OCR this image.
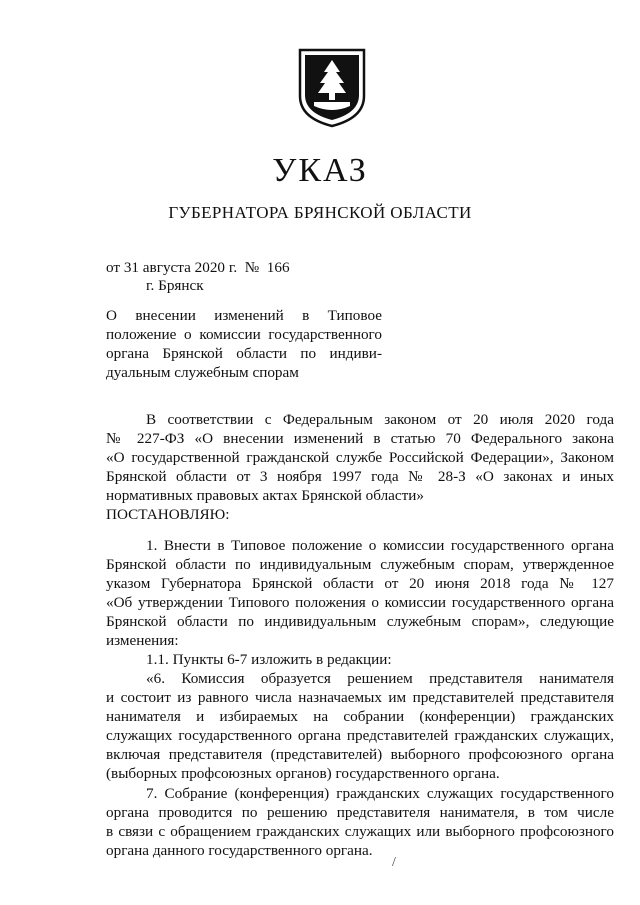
УКАЗ
ГУБЕРНАТОРА БРЯНСКОЙ ОБЛАСТИ
от 31 августа 2020 г.  №  166
г. Брянск
О внесении изменений в Типовое
положение о комиссии государственного
органа Брянской области по индиви-
дуальным служебным спорам
В соответствии с Федеральным законом от 20 июля 2020 года
№ 227-ФЗ «О внесении изменений в статью 70 Федерального закона
«О государственной гражданской службе Российской Федерации», Законом
Брянской области от 3 ноября 1997 года № 28-З «О законах и иных
нормативных правовых актах Брянской области»
ПОСТАНОВЛЯЮ:
1. Внести в Типовое положение о комиссии государственного органа
Брянской области по индивидуальным служебным спорам, утвержденное
указом Губернатора Брянской области от 20 июня 2018 года № 127
«Об утверждении Типового положения о комиссии государственного органа
Брянской области по индивидуальным служебным спорам», следующие
изменения:
1.1. Пункты 6-7 изложить в редакции:
«6. Комиссия образуется решением представителя нанимателя
и состоит из равного числа назначаемых им представителей представителя
нанимателя и избираемых на собрании (конференции) гражданских
служащих государственного органа представителей гражданских служащих,
включая представителя (представителей) выборного профсоюзного органа
(выборных профсоюзных органов) государственного органа.
7. Собрание (конференция) гражданских служащих государственного
органа проводится по решению представителя нанимателя, в том числе
в связи с обращением гражданских служащих или выборного профсоюзного
органа данного государственного органа.
/
